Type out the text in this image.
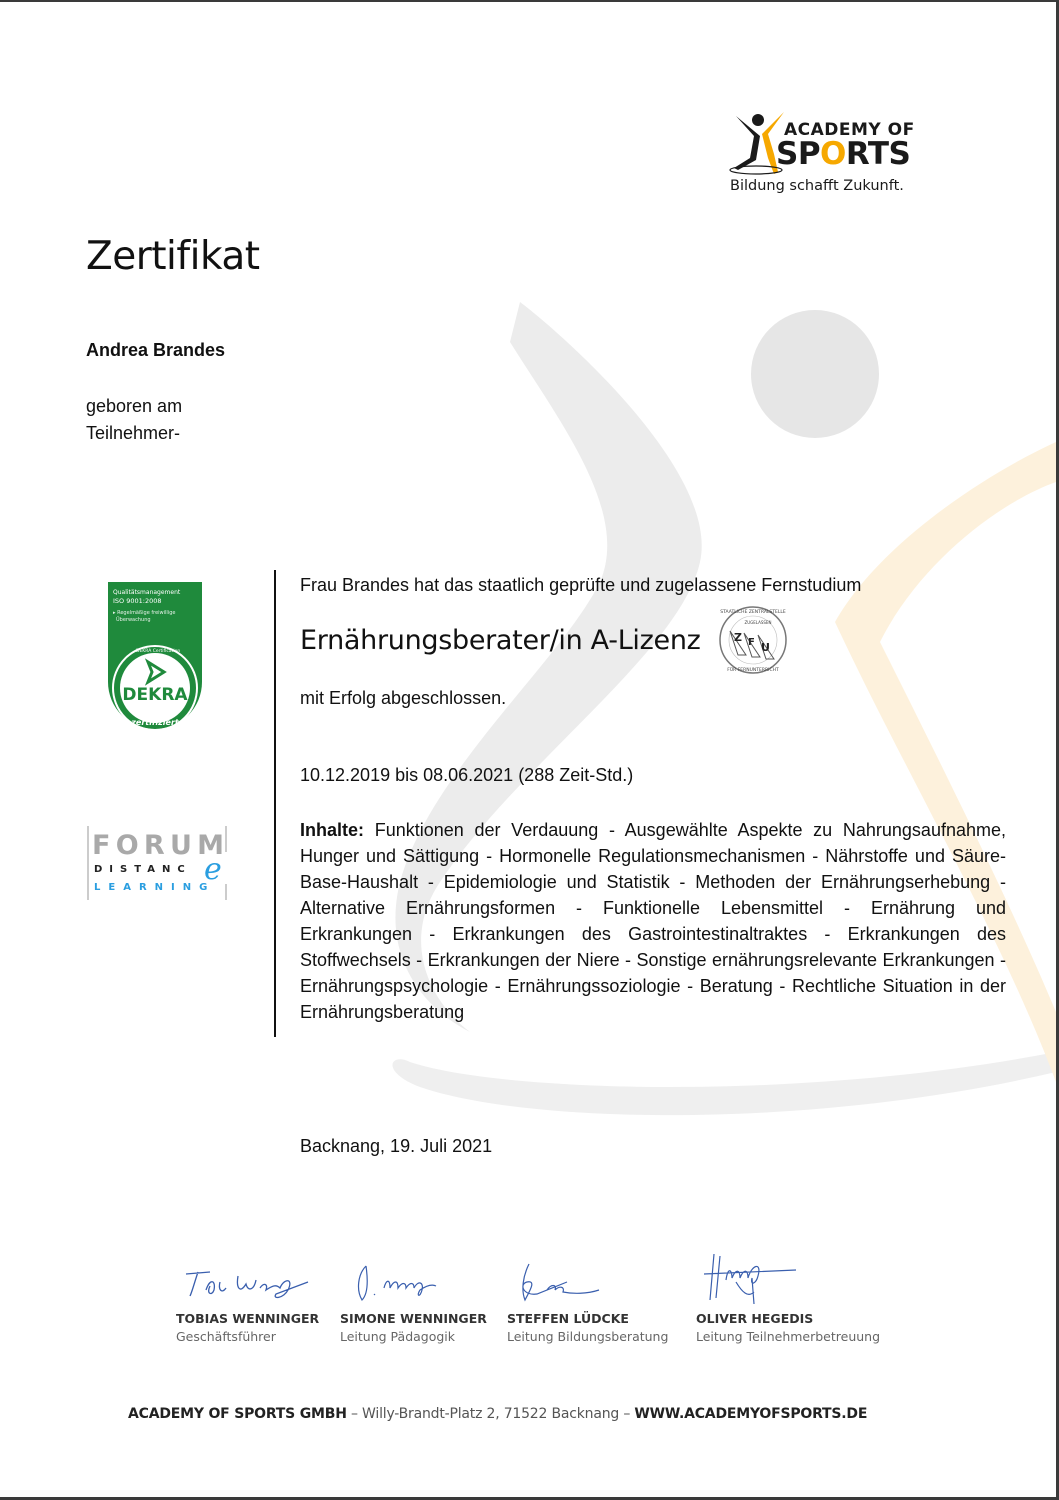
ACADEMY OF
SPORTS
Bildung schafft Zukunft.
Zertifikat
Andrea Brandes
geboren am
Teilnehmer-
Qualitätsmanagement
ISO 9001:2008
▸ Regelmäßige freiwillige
Überwachung
DEKRA Certification
DEKRA
zertifiziert
FORUM
DISTANC e
LEARNING
Frau Brandes hat das staatlich geprüfte und zugelassene Fernstudium
Ernährungsberater/in A-Lizenz
STAATLICHE ZENTRALSTELLE
FÜR FERNUNTERRICHT
ZUGELASSEN
Z F U
mit Erfolg abgeschlossen.
10.12.2019 bis 08.06.2021 (288 Zeit-Std.)
Inhalte: Funktionen der Verdauung - Ausgewählte Aspekte zu Nahrungsaufnahme, Hunger und Sättigung - Hormonelle Regulationsmechanismen - Nährstoffe und Säure-Base-Haushalt - Epidemiologie und Statistik - Methoden der Ernährungserhebung - Alternative Ernährungsformen - Funktionelle Lebensmittel - Ernährung und Erkrankungen - Erkrankungen des Gastrointestinaltraktes - Erkrankungen des Stoffwechsels - Erkrankungen der Niere - Sonstige ernährungsrelevante Erkrankungen - Ernährungspsychologie - Ernährungssoziologie - Beratung - Rechtliche Situation in der Ernährungsberatung
Backnang, 19. Juli 2021
TOBIAS WENNINGER
Geschäftsführer
SIMONE WENNINGER
Leitung Pädagogik
STEFFEN LÜDCKE
Leitung Bildungsberatung
OLIVER HEGEDIS
Leitung Teilnehmerbetreuung
ACADEMY OF SPORTS GMBH – Willy-Brandt-Platz 2, 71522 Backnang – WWW.ACADEMYOFSPORTS.DE
